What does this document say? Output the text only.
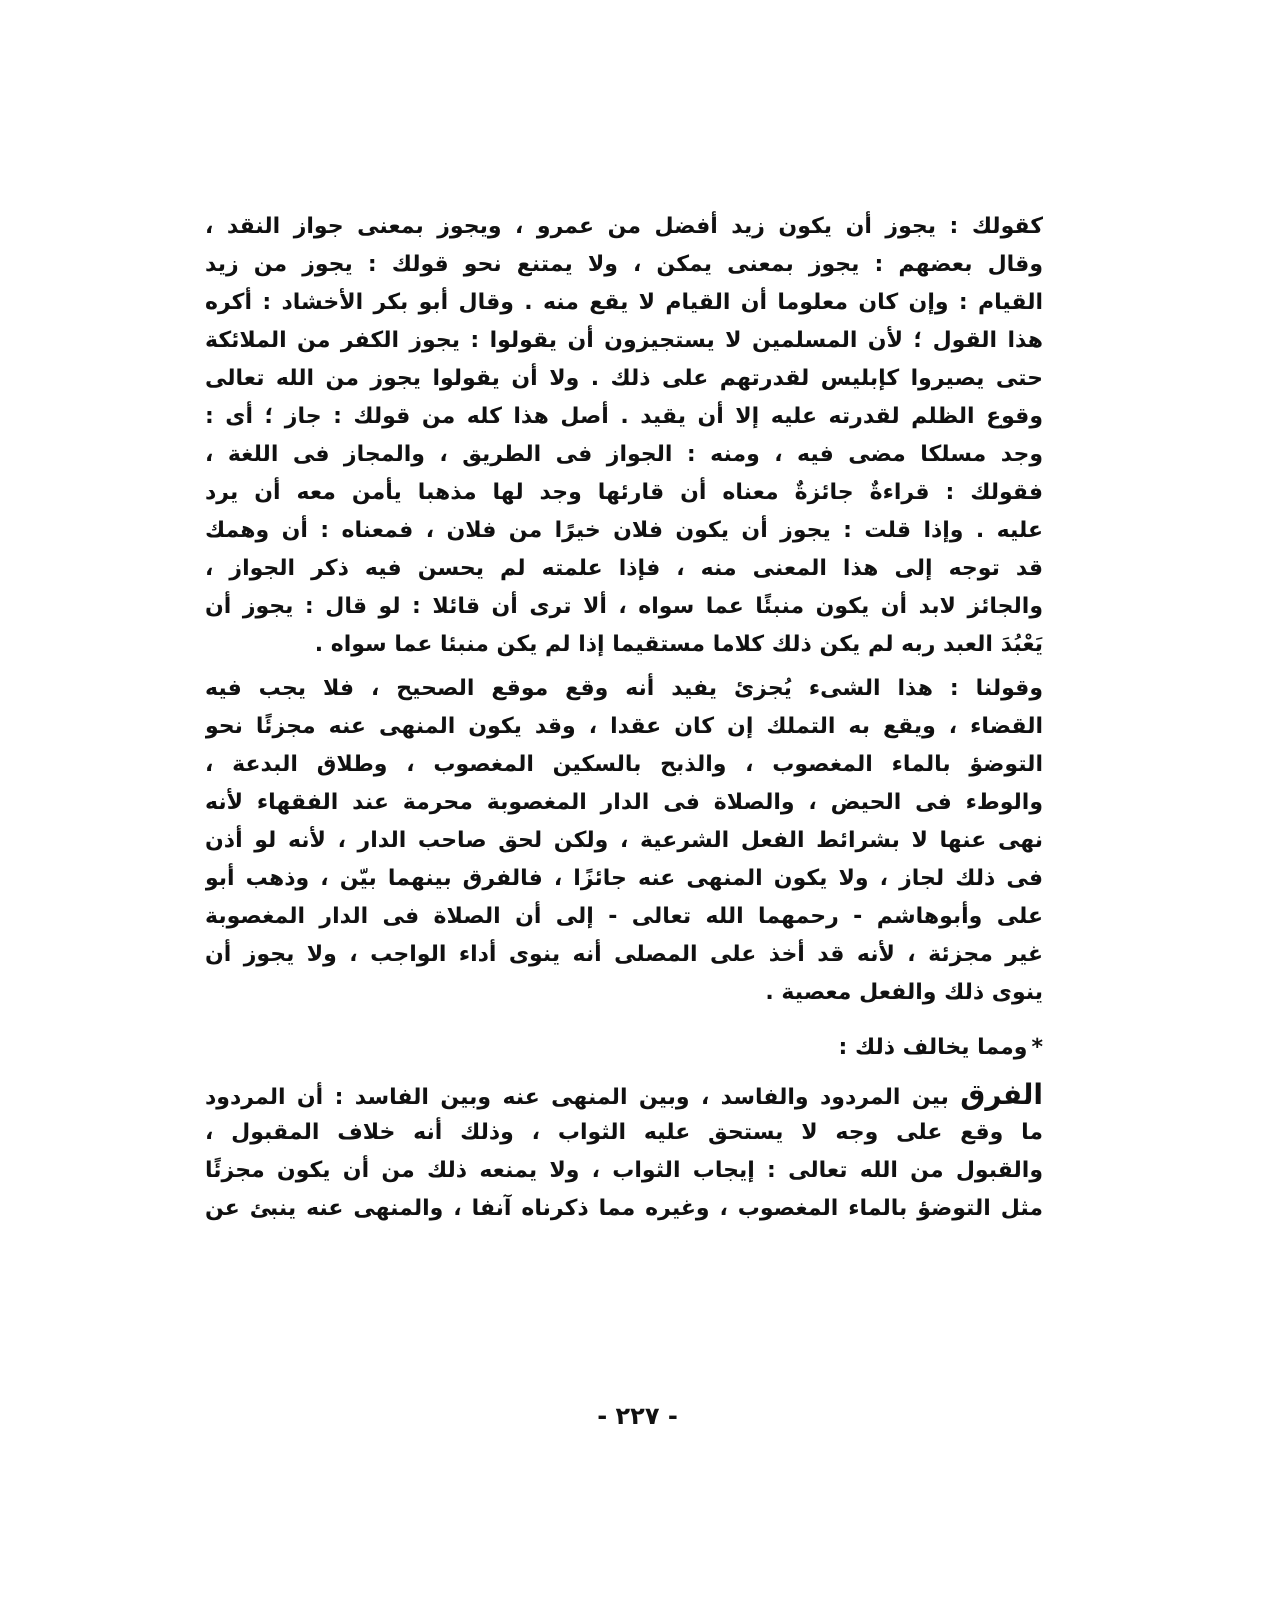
كقولك : يجوز أن يكون زيد أفضل من عمرو ، ويجوز بمعنى جواز النقد ،
وقال بعضهم : يجوز بمعنى يمكن ، ولا يمتنع نحو قولك : يجوز من زيد
القيام : وإن كان معلوما أن القيام لا يقع منه . وقال أبو بكر الأخشاد : أكره
هذا القول ؛ لأن المسلمين لا يستجيزون أن يقولوا : يجوز الكفر من الملائكة
حتى يصيروا كإبليس لقدرتهم على ذلك . ولا أن يقولوا يجوز من الله تعالى
وقوع الظلم لقدرته عليه إلا أن يقيد . أصل هذا كله من قولك : جاز ؛ أى :
وجد مسلكا مضى فيه ، ومنه : الجواز فى الطريق ، والمجاز فى اللغة ،
فقولك : قراءةٌ جائزةٌ معناه أن قارئها وجد لها مذهبا يأمن معه أن يرد
عليه . وإذا قلت : يجوز أن يكون فلان خيرًا من فلان ، فمعناه : أن وهمك
قد توجه إلى هذا المعنى منه ، فإذا علمته لم يحسن فيه ذكر الجواز ،
والجائز لابد أن يكون منبئًا عما سواه ، ألا ترى أن قائلا : لو قال : يجوز أن
يَعْبُدَ العبد ربه لم يكن ذلك كلاما مستقيما إذا لم يكن منبئا عما سواه .
وقولنا : هذا الشىء يُجزئ يفيد أنه وقع موقع الصحيح ، فلا يجب فيه
القضاء ، ويقع به التملك إن كان عقدا ، وقد يكون المنهى عنه مجزئًا نحو
التوضؤ بالماء المغصوب ، والذبح بالسكين المغصوب ، وطلاق البدعة ،
والوطء فى الحيض ، والصلاة فى الدار المغصوبة محرمة عند الفقهاء لأنه
نهى عنها لا بشرائط الفعل الشرعية ، ولكن لحق صاحب الدار ، لأنه لو أذن
فى ذلك لجاز ، ولا يكون المنهى عنه جائزًا ، فالفرق بينهما بيّن ، وذهب أبو
على وأبوهاشم - رحمهما الله تعالى - إلى أن الصلاة فى الدار المغصوبة
غير مجزئة ، لأنه قد أخذ على المصلى أنه ينوى أداء الواجب ، ولا يجوز أن
ينوى ذلك والفعل معصية .
*ومما يخالف ذلك :
الفرق بين المردود والفاسد ، وبين المنهى عنه وبين الفاسد : أن المردود
ما وقع على وجه لا يستحق عليه الثواب ، وذلك أنه خلاف المقبول ،
والقبول من الله تعالى : إيجاب الثواب ، ولا يمنعه ذلك من أن يكون مجزئًا
مثل التوضؤ بالماء المغصوب ، وغيره مما ذكرناه آنفا ، والمنهى عنه ينبئ عن
- ٢٢٧ -
